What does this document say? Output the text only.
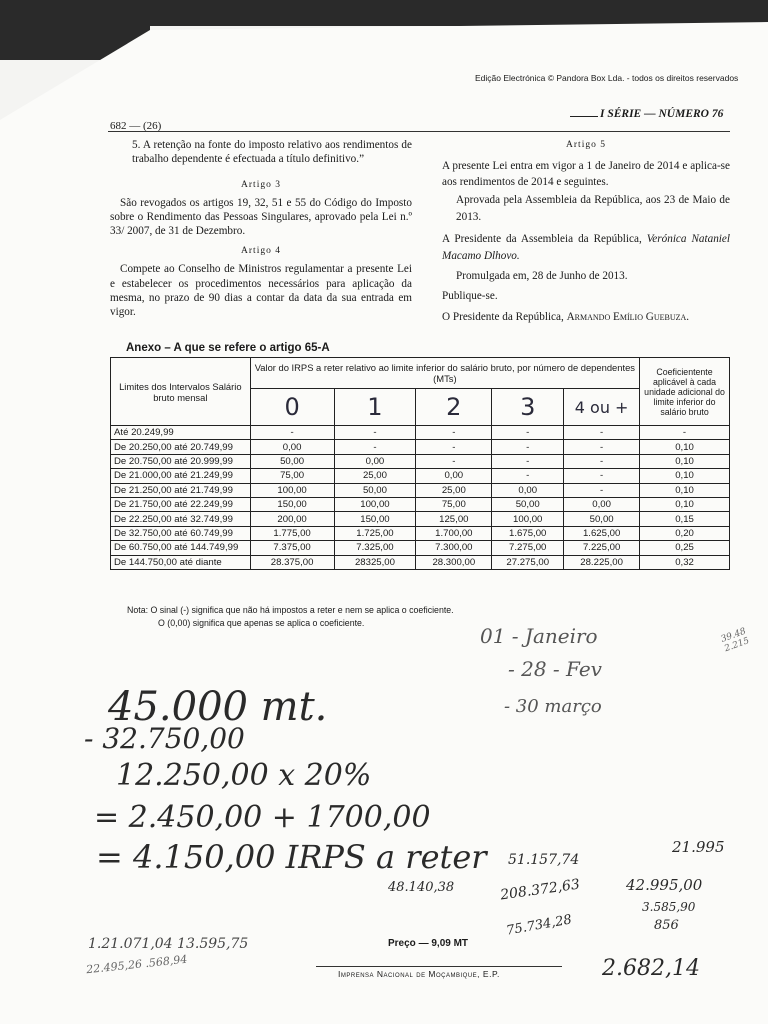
Edição Electrónica © Pandora Box Lda. - todos os direitos reservados
I SÉRIE — NÚMERO 76
682 — (26)
5. A retenção na fonte do imposto relativo aos rendimentos de trabalho dependente é efectuada a título definitivo.”
Artigo 3
São revogados os artigos 19, 32, 51 e 55 do Código do Imposto sobre o Rendimento das Pessoas Singulares, aprovado pela Lei n.º 33/ 2007, de 31 de Dezembro.
Artigo 4
Compete ao Conselho de Ministros regulamentar a presente Lei e estabelecer os procedimentos necessários para aplicação da mesma, no prazo de 90 dias a contar da data da sua entrada em vigor.
Artigo 5
A presente Lei entra em vigor a 1 de Janeiro de 2014 e aplica-se aos rendimentos de 2014 e seguintes.
Aprovada pela Assembleia da República, aos 23 de Maio de 2013.
A Presidente da Assembleia da República, Verónica Nataniel Macamo Dlhovo.
Promulgada em, 28 de Junho de 2013.
Publique-se.
O Presidente da República, Armando Emílio Guebuza.
Anexo – A que se refere o artigo 65-A
Limites dos Intervalos Salário bruto mensal	Valor do IRPS a reter relativo ao limite inferior do salário bruto, por número de dependentes (MTs)					Coeficientente aplicável à cada unidade adicional do limite inferior do salário bruto
	0	1	2	3	4 ou +	
Até 20.249,99	-	-	-	-	-	-
De 20.250,00 até 20.749,99	0,00	-	-	-	-	0,10
De 20.750,00 até 20.999,99	50,00	0,00	-	-	-	0,10
De 21.000,00 até 21.249,99	75,00	25,00	0,00	-	-	0,10
De 21.250,00 até 21.749,99	100,00	50,00	25,00	0,00	-	0,10
De 21.750,00 até 22.249,99	150,00	100,00	75,00	50,00	0,00	0,10
De 22.250,00 até 32.749,99	200,00	150,00	125,00	100,00	50,00	0,15
De 32.750,00 até 60.749,99	1.775,00	1.725,00	1.700,00	1.675,00	1.625,00	0,20
De 60.750,00 até 144.749,99	7.375,00	7.325,00	7.300,00	7.275,00	7.225,00	0,25
De 144.750,00 até diante	28.375,00	28325,00	28.300,00	27.275,00	28.225,00	0,32
Nota: O sinal (-) significa que não há impostos a reter e nem se aplica o coeficiente.
O (0,00) significa que apenas se aplica o coeficiente.
45.000 mt.
- 32.750,00
12.250,00 x 20%
= 2.450,00 + 1700,00
= 4.150,00 IRPS a reter
01 - Janeiro
- 28 - Fev
- 30 março
39.48 2.215
51.157,74
21.995
48.140,38	208.372,63	42.995,00
3.585,90
75.734,28	856
Preço — 9,09 MT
Imprensa Nacional de Moçambique, E.P.
1.21.071,04 13.595,75
22.495,26 .568,94	2.682,14
